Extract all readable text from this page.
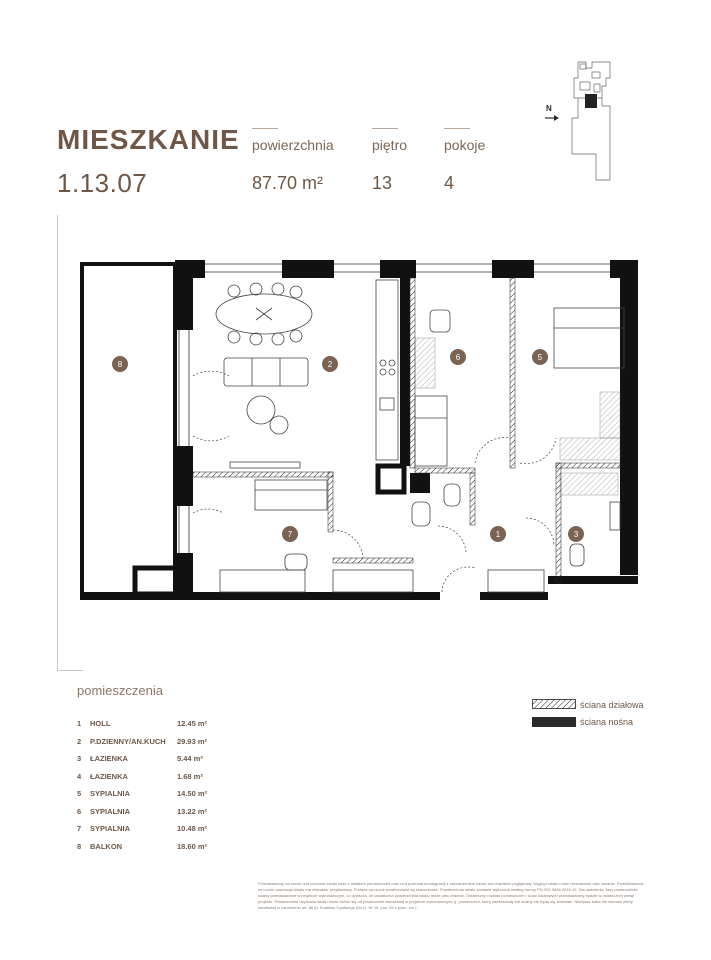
MIESZKANIE
1.13.07
powierzchnia
87.70 m²
piętro
13
pokoje
4
N
8	2
6	5
7	1	3
pomieszczenia
1 HOLL	12.45 m²
2 P.DZIENNY/AN.KUCH 29.93 m²
3 ŁAZIENKA	5.44 m²
4 ŁAZIENKA	1.68 m²
5 SYPIALNIA	14.50 m²
6 SYPIALNIA	13.22 m²
7 SYPIALNIA	10.48 m²
8 BALKON	18.60 m²
ściana działowa
ściana nośna
Przedstawiony na karcie rzut pozioma lokalu wraz z układem pomieszczeń oraz rzut pozioma kondygnacji z zaznaczeniem lokalu ma charakter poglądowy. Wygląd lokalu może nieznacznie ulec zmianie. Przedstawiona na rzucie aranżacja lokalu ma charakter przykładowy. Podane na rzucie powierzchnie są szacunkowe. Powierzchnia lokalu zostanie wyliczona według normy PN-ISO 9836:2015-12. Dla ułatwienia, fazy powierzchnie ściany przedstawione w projekcie wykonawczym, co oznacza, że ostateczna powierzchnia lokalu może ulec zmianie. Ostateczny rozkład pomieszczeń i ścian działowych przedstawiony będzie w ostatecznej wersji projektu. Powierzchnia użytkowa lokalu może różnić się od powierzchni wskazanej w projekcie wykonawczym, tj. powierzchni, którą zamieszkały lub ściany nie będą się zmieniać. Niniejsza karta nie stanowi oferty handlowej w rozumieniu art. 66 §1 Kodeksu Cywilnego (Dz.U. Nr 16, poz. 93 z późn. zm.).
